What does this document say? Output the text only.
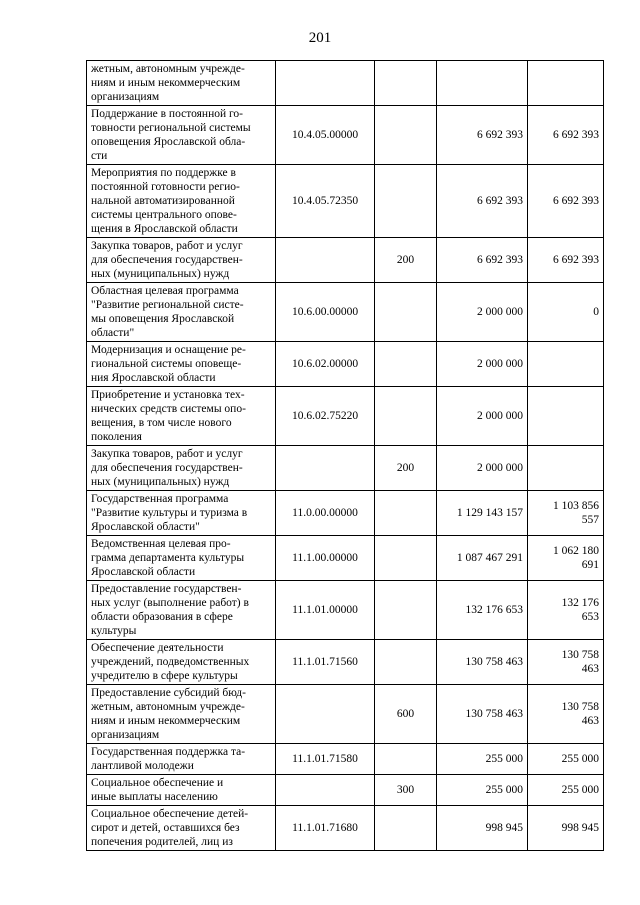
201
жетным, автономным учрежде-
ниям и иным некоммерческим
организациям				
Поддержание в постоянной го-
товности региональной системы
оповещения Ярославской обла-
сти	10.4.05.00000		6 692 393	6 692 393
Мероприятия по поддержке в
постоянной готовности регио-
нальной автоматизированной
системы центрального опове-
щения в Ярославской области	10.4.05.72350		6 692 393	6 692 393
Закупка товаров, работ и услуг
для обеспечения государствен-
ных (муниципальных) нужд		200	6 692 393	6 692 393
Областная целевая программа
"Развитие региональной систе-
мы оповещения Ярославской
области"	10.6.00.00000		2 000 000	0
Модернизация и оснащение ре-
гиональной системы оповеще-
ния Ярославской области	10.6.02.00000		2 000 000	
Приобретение и установка тех-
нических средств системы опо-
вещения, в том числе нового
поколения	10.6.02.75220		2 000 000	
Закупка товаров, работ и услуг
для обеспечения государствен-
ных (муниципальных) нужд		200	2 000 000	
Государственная программа
"Развитие культуры и туризма в
Ярославской области"	11.0.00.00000		1 129 143 157	1 103 856
557
Ведомственная целевая про-
грамма департамента культуры
Ярославской области	11.1.00.00000		1 087 467 291	1 062 180
691
Предоставление государствен-
ных услуг (выполнение работ) в
области образования в сфере
культуры	11.1.01.00000		132 176 653	132 176
653
Обеспечение деятельности
учреждений, подведомственных
учредителю в сфере культуры	11.1.01.71560		130 758 463	130 758
463
Предоставление субсидий бюд-
жетным, автономным учрежде-
ниям и иным некоммерческим
организациям		600	130 758 463	130 758
463
Государственная поддержка та-
лантливой молодежи	11.1.01.71580		255 000	255 000
Социальное обеспечение и
иные выплаты населению		300	255 000	255 000
Социальное обеспечение детей-
сирот и детей, оставшихся без
попечения родителей, лиц из	11.1.01.71680		998 945	998 945
